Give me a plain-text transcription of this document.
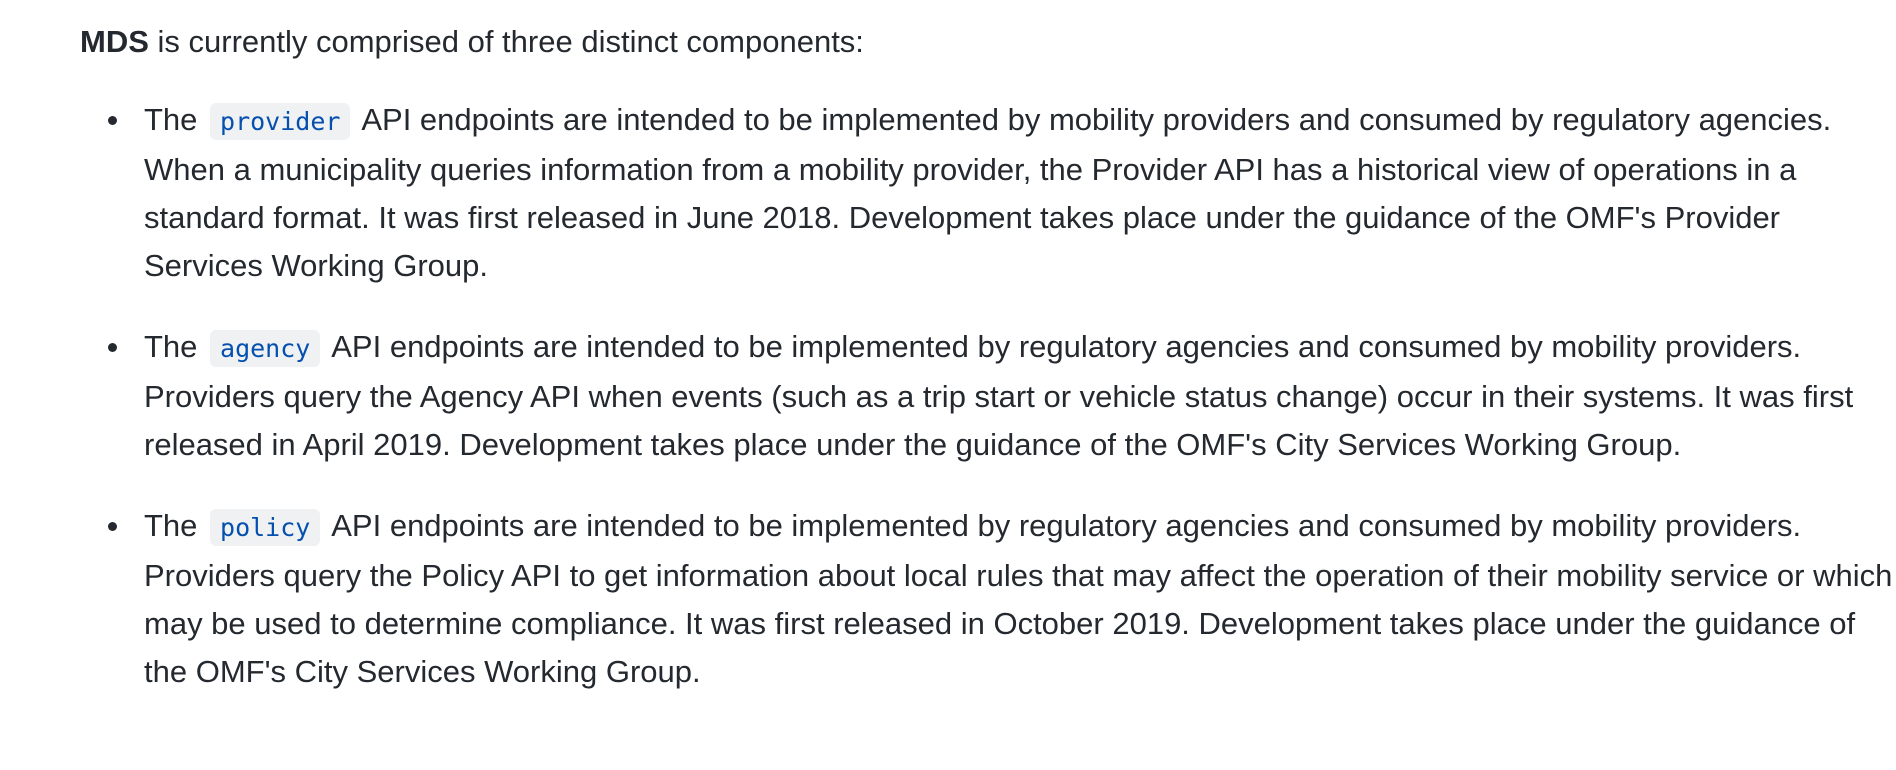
MDS is currently comprised of three distinct components:

The provider API endpoints are intended to be implemented by mobility providers and consumed by regulatory agencies. When a municipality queries information from a mobility provider, the Provider API has a historical view of operations in a standard format. It was first released in June 2018. Development takes place under the guidance of the OMF's Provider Services Working Group.
The agency API endpoints are intended to be implemented by regulatory agencies and consumed by mobility providers. Providers query the Agency API when events (such as a trip start or vehicle status change) occur in their systems. It was first released in April 2019. Development takes place under the guidance of the OMF's City Services Working Group.
The policy API endpoints are intended to be implemented by regulatory agencies and consumed by mobility providers. Providers query the Policy API to get information about local rules that may affect the operation of their mobility service or which may be used to determine compliance. It was first released in October 2019. Development takes place under the guidance of the OMF's City Services Working Group.
